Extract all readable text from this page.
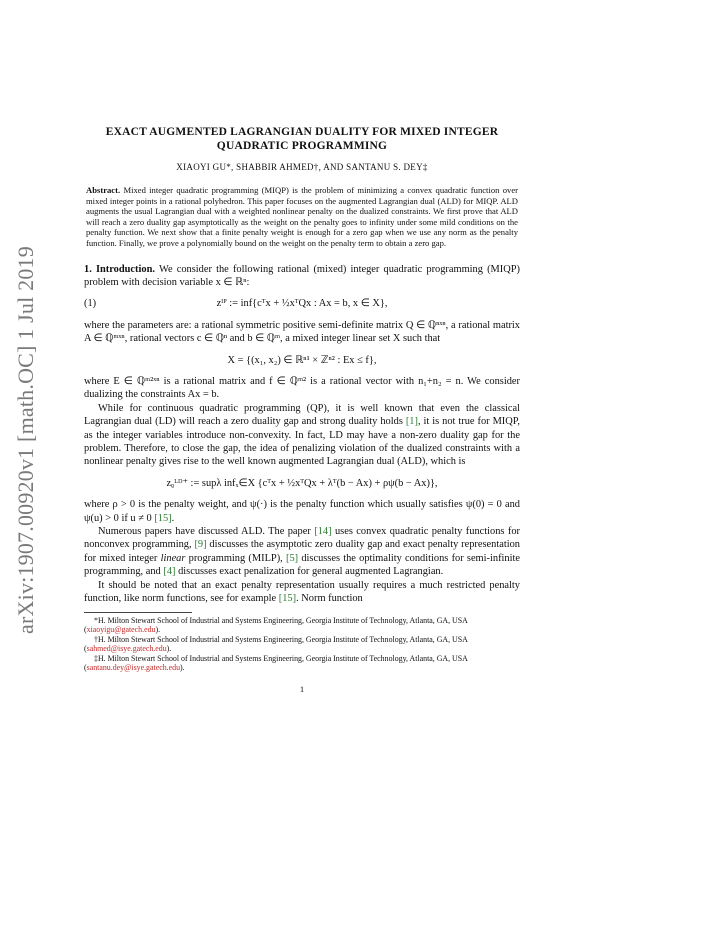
arXiv:1907.00920v1 [math.OC] 1 Jul 2019
EXACT AUGMENTED LAGRANGIAN DUALITY FOR MIXED INTEGER QUADRATIC PROGRAMMING
XIAOYI GU*, SHABBIR AHMED†, AND SANTANU S. DEY‡
Abstract. Mixed integer quadratic programming (MIQP) is the problem of minimizing a convex quadratic function over mixed integer points in a rational polyhedron. This paper focuses on the augmented Lagrangian dual (ALD) for MIQP. ALD augments the usual Lagrangian dual with a weighted nonlinear penalty on the dualized constraints. We first prove that ALD will reach a zero duality gap asymptotically as the weight on the penalty goes to infinity under some mild conditions on the penalty function. We next show that a finite penalty weight is enough for a zero gap when we use any norm as the penalty function. Finally, we prove a polynomially bound on the weight on the penalty term to obtain a zero gap.

1. Introduction. We consider the following rational (mixed) integer quadratic programming (MIQP) problem with decision variable x ∈ ℝⁿ:

(1)	zᴵᴾ := inf{cᵀx + ½xᵀQx : Ax = b, x ∈ X},

where the parameters are: a rational symmetric positive semi-definite matrix Q ∈ ℚⁿˣⁿ, a rational matrix A ∈ ℚᵐˣⁿ, rational vectors c ∈ ℚⁿ and b ∈ ℚᵐ, a mixed integer linear set X such that

X = {(x₁, x₂) ∈ ℝⁿ¹ × ℤⁿ² : Ex ≤ f},

where E ∈ ℚᵐ²ˣⁿ is a rational matrix and f ∈ ℚᵐ² is a rational vector with n₁+n₂ = n. We consider dualizing the constraints Ax = b.

While for continuous quadratic programming (QP), it is well known that even the classical Lagrangian dual (LD) will reach a zero duality gap and strong duality holds [1], it is not true for MIQP, as the integer variables introduce non-convexity. In fact, LD may have a non-zero duality gap for the problem. Therefore, to close the gap, the idea of penalizing violation of the dualized constraints with a nonlinear penalty gives rise to the well known augmented Lagrangian dual (ALD), which is

zᵨᴸᴰ⁺ := supλ infₓ∈X {cᵀx + ½xᵀQx + λᵀ(b − Ax) + ρψ(b − Ax)},

where ρ > 0 is the penalty weight, and ψ(·) is the penalty function which usually satisfies ψ(0) = 0 and ψ(u) > 0 if u ≠ 0 [15].

Numerous papers have discussed ALD. The paper [14] uses convex quadratic penalty functions for nonconvex programming, [9] discusses the asymptotic zero duality gap and exact penalty representation for mixed integer linear programming (MILP), [5] discusses the optimality conditions for semi-infinite programming, and [4] discusses exact penalization for general augmented Lagrangian.

It should be noted that an exact penalty representation usually requires a much restricted penalty function, like norm functions, see for example [15]. Norm function

*H. Milton Stewart School of Industrial and Systems Engineering, Georgia Institute of Technology, Atlanta, GA, USA (xiaoyigu@gatech.edu).
†H. Milton Stewart School of Industrial and Systems Engineering, Georgia Institute of Technology, Atlanta, GA, USA (sahmed@isye.gatech.edu).
‡H. Milton Stewart School of Industrial and Systems Engineering, Georgia Institute of Technology, Atlanta, GA, USA (santanu.dey@isye.gatech.edu).
1
